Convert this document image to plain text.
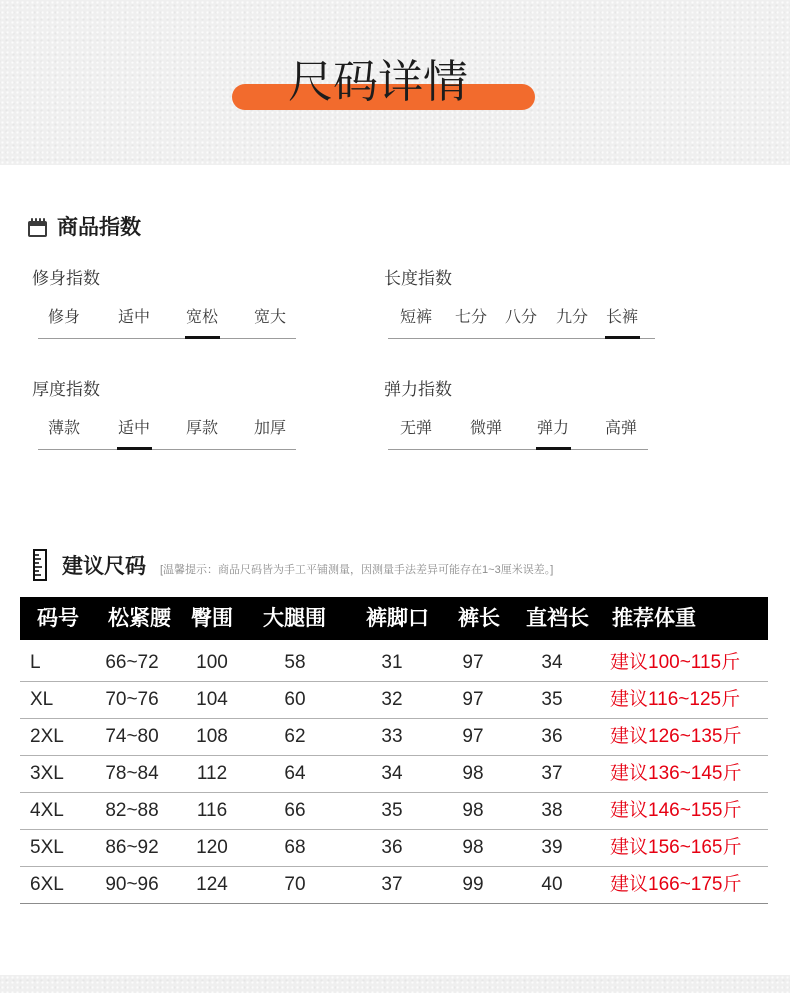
尺码详情
商品指数
修身指数
修身 适中 宽松 宽大
长度指数
短裤 七分 八分 九分 长裤
厚度指数
薄款 适中 厚款 加厚
弹力指数
无弹 微弹 弹力 高弹
建议尺码 [温馨提示：商品尺码皆为手工平铺测量，因测量手法差异可能存在1~3厘米误差。]
码号 松紧腰 臀围 大腿围 裤脚口 裤长 直裆长 推荐体重
L	66~72	100	58	31	97	34	建议100~115斤
XL	70~76	104	60	32	97	35	建议116~125斤
2XL	74~80	108	62	33	97	36	建议126~135斤
3XL	78~84	112	64	34	98	37	建议136~145斤
4XL	82~88	116	66	35	98	38	建议146~155斤
5XL	86~92	120	68	36	98	39	建议156~165斤
6XL	90~96	124	70	37	99	40	建议166~175斤
